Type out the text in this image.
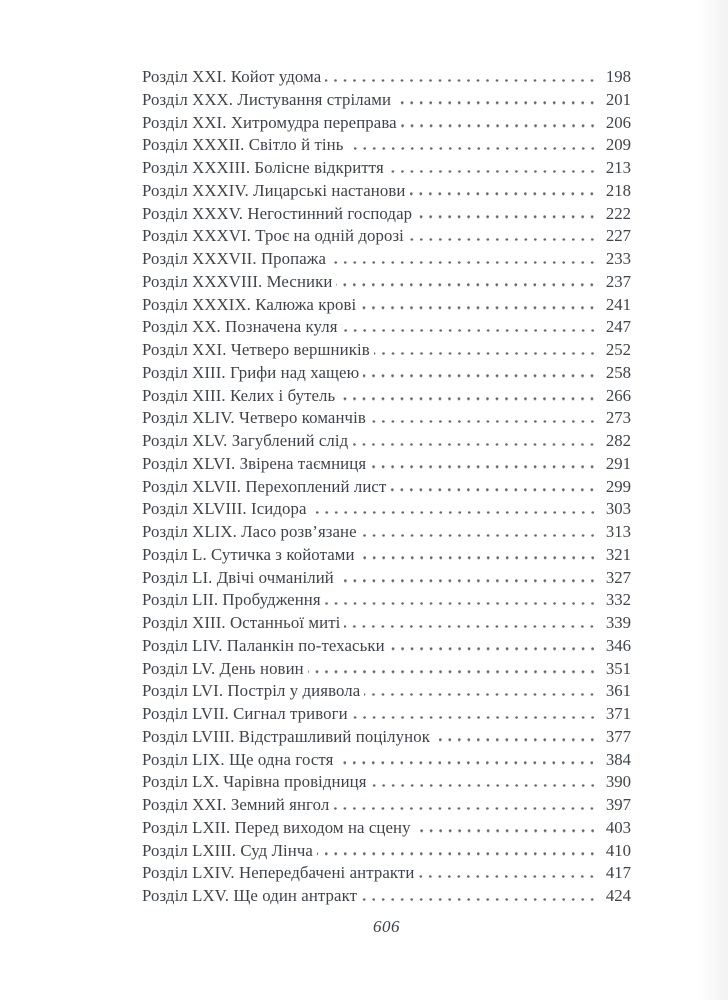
Розділ XXI. Койот удома	198
Розділ XXX. Листування стрілами	201
Розділ XXI. Хитромудра переправа	206
Розділ XXXII. Світло й тінь	209
Розділ XXXIII. Болісне відкриття	213
Розділ XXXIV. Лицарські настанови	218
Розділ XXXV. Негостинний господар	222
Розділ XXXVI. Троє на одній дорозі	227
Розділ XXXVII. Пропажа	233
Розділ XXXVIII. Месники	237
Розділ XXXIX. Калюжа крові	241
Розділ XX. Позначена куля	247
Розділ XXI. Четверо вершників	252
Розділ XIII. Грифи над хащею	258
Розділ XIII. Келих і бутель	266
Розділ XLIV. Четверо команчів	273
Розділ XLV. Загублений слід	282
Розділ XLVI. Звірена таємниця	291
Розділ XLVII. Перехоплений лист	299
Розділ XLVIII. Ісидора	303
Розділ XLIX. Ласо розв’язане	313
Розділ L. Сутичка з койотами	321
Розділ LI. Двічі очманілий	327
Розділ LII. Пробудження	332
Розділ XIII. Останньої миті	339
Розділ LIV. Паланкін по-техаськи	346
Розділ LV. День новин	351
Розділ LVI. Постріл у диявола	361
Розділ LVII. Сигнал тривоги	371
Розділ LVIII. Відстрашливий поцілунок	377
Розділ LIX. Ще одна гостя	384
Розділ LX. Чарівна провідниця	390
Розділ XXI. Земний янгол	397
Розділ LXII. Перед виходом на сцену	403
Розділ LXIII. Суд Лінча	410
Розділ LXIV. Непередбачені антракти	417
Розділ LXV. Ще один антракт	424
606
